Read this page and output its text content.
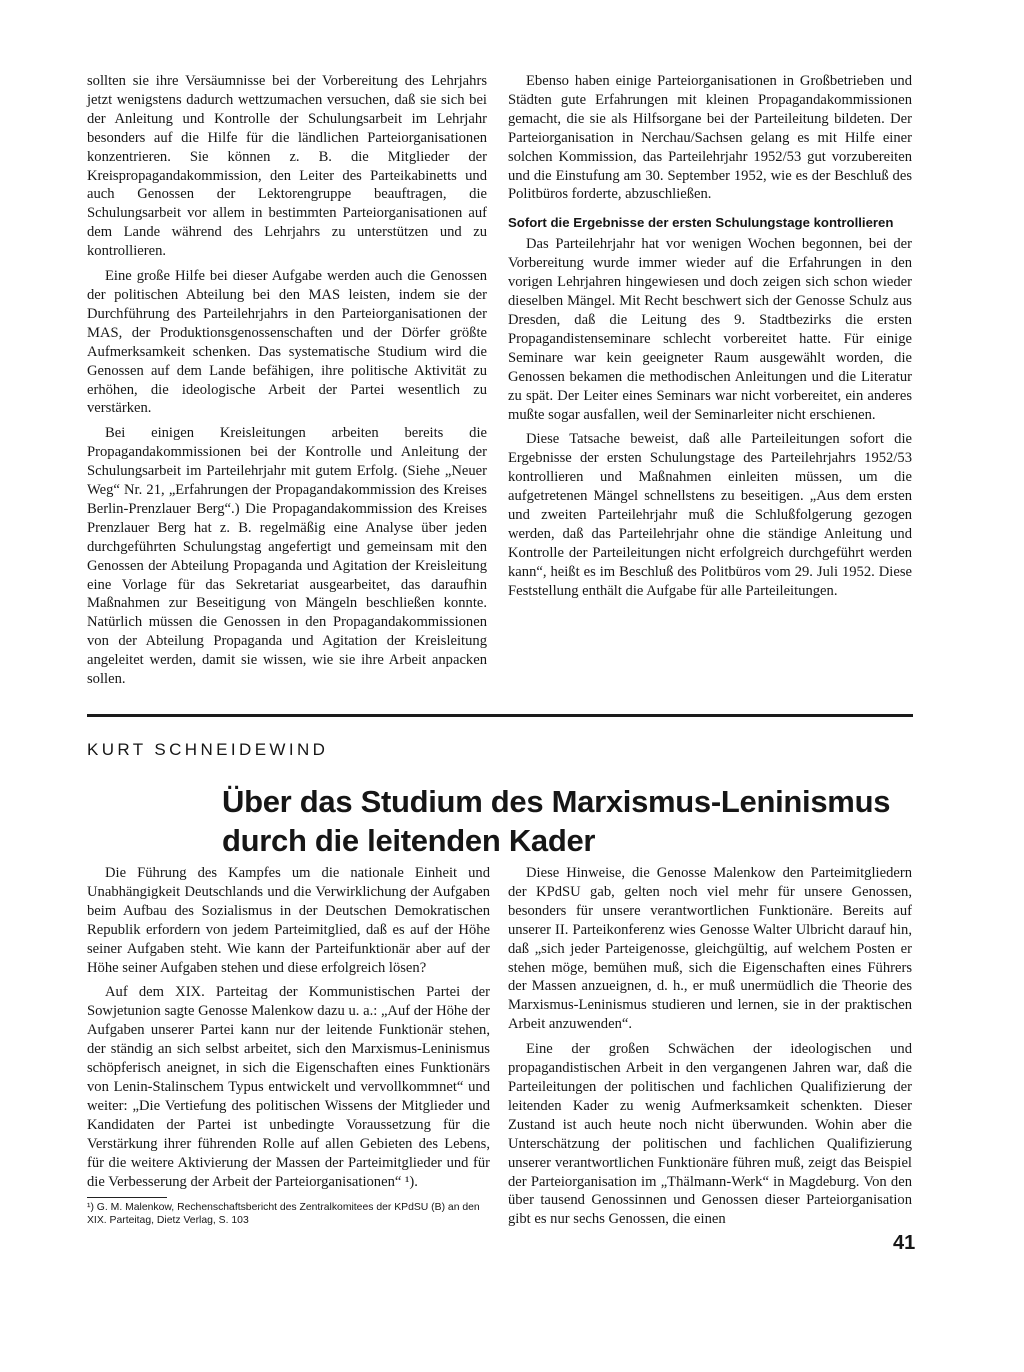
sollten sie ihre Versäumnisse bei der Vorbereitung des Lehrjahrs jetzt wenigstens dadurch wettzumachen versuchen, daß sie sich bei der Anleitung und Kontrolle der Schulungsarbeit im Lehrjahr besonders auf die Hilfe für die ländlichen Parteiorganisationen konzentrieren. Sie können z. B. die Mitglieder der Kreispropagandakommission, den Leiter des Parteikabinetts und auch Genossen der Lektorengruppe beauftragen, die Schulungsarbeit vor allem in bestimmten Parteiorganisationen auf dem Lande während des Lehrjahrs zu unterstützen und zu kontrollieren.

Eine große Hilfe bei dieser Aufgabe werden auch die Genossen der politischen Abteilung bei den MAS leisten, indem sie der Durchführung des Parteilehrjahrs in den Parteiorganisationen der MAS, der Produktionsgenossenschaften und der Dörfer größte Aufmerksamkeit schenken. Das systematische Studium wird die Genossen auf dem Lande befähigen, ihre politische Aktivität zu erhöhen, die ideologische Arbeit der Partei wesentlich zu verstärken.

Bei einigen Kreisleitungen arbeiten bereits die Propagandakommissionen bei der Kontrolle und Anleitung der Schulungsarbeit im Parteilehrjahr mit gutem Erfolg. (Siehe „Neuer Weg“ Nr. 21, „Erfahrungen der Propagandakommission des Kreises Berlin-Prenzlauer Berg“.) Die Propagandakommission des Kreises Prenzlauer Berg hat z. B. regelmäßig eine Analyse über jeden durchgeführten Schulungstag angefertigt und gemeinsam mit den Genossen der Abteilung Propaganda und Agitation der Kreisleitung eine Vorlage für das Sekretariat ausgearbeitet, das daraufhin Maßnahmen zur Beseitigung von Mängeln beschließen konnte. Natürlich müssen die Genossen in den Propagandakommissionen von der Abteilung Propaganda und Agitation der Kreisleitung angeleitet werden, damit sie wissen, wie sie ihre Arbeit anpacken sollen.

Ebenso haben einige Parteiorganisationen in Großbetrieben und Städten gute Erfahrungen mit kleinen Propagandakommissionen gemacht, die sie als Hilfsorgane bei der Parteileitung bildeten. Der Parteiorganisation in Nerchau/Sachsen gelang es mit Hilfe einer solchen Kommission, das Parteilehrjahr 1952/53 gut vorzubereiten und die Einstufung am 30. September 1952, wie es der Beschluß des Politbüros forderte, abzuschließen.

Sofort die Ergebnisse der ersten Schulungstage kontrollieren

Das Parteilehrjahr hat vor wenigen Wochen begonnen, bei der Vorbereitung wurde immer wieder auf die Erfahrungen in den vorigen Lehrjahren hingewiesen und doch zeigen sich schon wieder dieselben Mängel. Mit Recht beschwert sich der Genosse Schulz aus Dresden, daß die Leitung des 9. Stadtbezirks die ersten Propagandistenseminare schlecht vorbereitet hatte. Für einige Seminare war kein geeigneter Raum ausgewählt worden, die Genossen bekamen die methodischen Anleitungen und die Literatur zu spät. Der Leiter eines Seminars war nicht vorbereitet, ein anderes mußte sogar ausfallen, weil der Seminarleiter nicht erschienen.

Diese Tatsache beweist, daß alle Parteileitungen sofort die Ergebnisse der ersten Schulungstage des Parteilehrjahrs 1952/53 kontrollieren und Maßnahmen einleiten müssen, um die aufgetretenen Mängel schnellstens zu beseitigen. „Aus dem ersten und zweiten Parteilehrjahr muß die Schlußfolgerung gezogen werden, daß das Parteilehrjahr ohne die ständige Anleitung und Kontrolle der Parteileitungen nicht erfolgreich durchgeführt werden kann“, heißt es im Beschluß des Politbüros vom 29. Juli 1952. Diese Feststellung enthält die Aufgabe für alle Parteileitungen.

KURT SCHNEIDEWIND
Über das Studium des Marxismus-Leninismus
durch die leitenden Kader

Die Führung des Kampfes um die nationale Einheit und Unabhängigkeit Deutschlands und die Verwirklichung der Aufgaben beim Aufbau des Sozialismus in der Deutschen Demokratischen Republik erfordern von jedem Parteimitglied, daß es auf der Höhe seiner Aufgaben steht. Wie kann der Parteifunktionär aber auf der Höhe seiner Aufgaben stehen und diese erfolgreich lösen?

Auf dem XIX. Parteitag der Kommunistischen Partei der Sowjetunion sagte Genosse Malenkow dazu u. a.: „Auf der Höhe der Aufgaben unserer Partei kann nur der leitende Funktionär stehen, der ständig an sich selbst arbeitet, sich den Marxismus-Leninismus schöpferisch aneignet, in sich die Eigenschaften eines Funktionärs von Lenin-Stalinschem Typus entwickelt und vervollkommnet“ und weiter: „Die Vertiefung des politischen Wissens der Mitglieder und Kandidaten der Partei ist unbedingte Voraussetzung für die Verstärkung ihrer führenden Rolle auf allen Gebieten des Lebens, für die weitere Aktivierung der Massen der Parteimitglieder und für die Verbesserung der Arbeit der Parteiorganisationen“ ¹).

¹) G. M. Malenkow, Rechenschaftsbericht des Zentralkomitees der KPdSU (B) an den XIX. Parteitag, Dietz Verlag, S. 103

Diese Hinweise, die Genosse Malenkow den Parteimitgliedern der KPdSU gab, gelten noch viel mehr für unsere Genossen, besonders für unsere verantwortlichen Funktionäre. Bereits auf unserer II. Parteikonferenz wies Genosse Walter Ulbricht darauf hin, daß „sich jeder Parteigenosse, gleichgültig, auf welchem Posten er stehen möge, bemühen muß, sich die Eigenschaften eines Führers der Massen anzueignen, d. h., er muß unermüdlich die Theorie des Marxismus-Leninismus studieren und lernen, sie in der praktischen Arbeit anzuwenden“.

Eine der großen Schwächen der ideologischen und propagandistischen Arbeit in den vergangenen Jahren war, daß die Parteileitungen der politischen und fachlichen Qualifizierung der leitenden Kader zu wenig Aufmerksamkeit schenkten. Dieser Zustand ist auch heute noch nicht überwunden. Wohin aber die Unterschätzung der politischen und fachlichen Qualifizierung unserer verantwortlichen Funktionäre führen muß, zeigt das Beispiel der Parteiorganisation im „Thälmann-Werk“ in Magdeburg. Von den über tausend Genossinnen und Genossen dieser Parteiorganisation gibt es nur sechs Genossen, die einen

41
